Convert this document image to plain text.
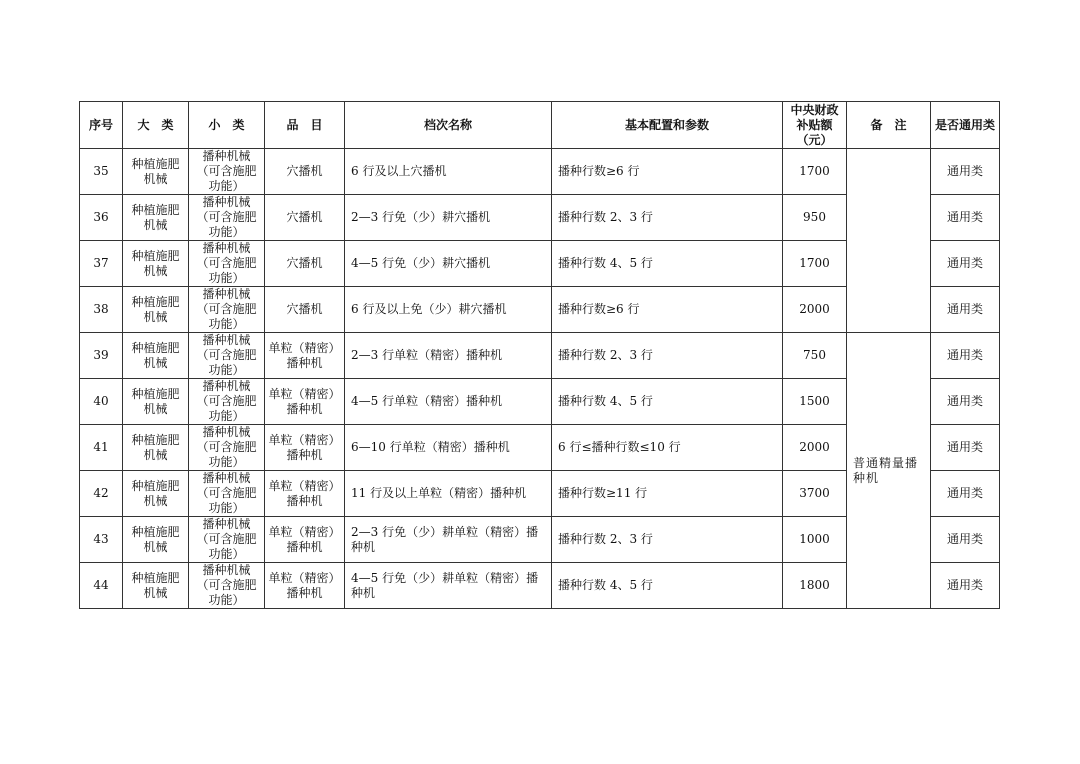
序号	大　类	小　类	品　目	档次名称	基本配置和参数	中央财政补贴额（元）	备　注	是否通用类
35	种植施肥机械	播种机械（可含施肥功能）	穴播机	6 行及以上穴播机	播种行数≥6 行	1700		通用类
36	种植施肥机械	播种机械（可含施肥功能）	穴播机	2—3 行免（少）耕穴播机	播种行数 2、3 行	950		通用类
37	种植施肥机械	播种机械（可含施肥功能）	穴播机	4—5 行免（少）耕穴播机	播种行数 4、5 行	1700		通用类
38	种植施肥机械	播种机械（可含施肥功能）	穴播机	6 行及以上免（少）耕穴播机	播种行数≥6 行	2000		通用类
39	种植施肥机械	播种机械（可含施肥功能）	单粒（精密）播种机	2—3 行单粒（精密）播种机	播种行数 2、3 行	750	普通精量播种机	通用类
40	种植施肥机械	播种机械（可含施肥功能）	单粒（精密）播种机	4—5 行单粒（精密）播种机	播种行数 4、5 行	1500		通用类
41	种植施肥机械	播种机械（可含施肥功能）	单粒（精密）播种机	6—10 行单粒（精密）播种机	6 行≤播种行数≤10 行	2000		通用类
42	种植施肥机械	播种机械（可含施肥功能）	单粒（精密）播种机	11 行及以上单粒（精密）播种机	播种行数≥11 行	3700		通用类
43	种植施肥机械	播种机械（可含施肥功能）	单粒（精密）播种机	2—3 行免（少）耕单粒（精密）播种机	播种行数 2、3 行	1000		通用类
44	种植施肥机械	播种机械（可含施肥功能）	单粒（精密）播种机	4—5 行免（少）耕单粒（精密）播种机	播种行数 4、5 行	1800		通用类
